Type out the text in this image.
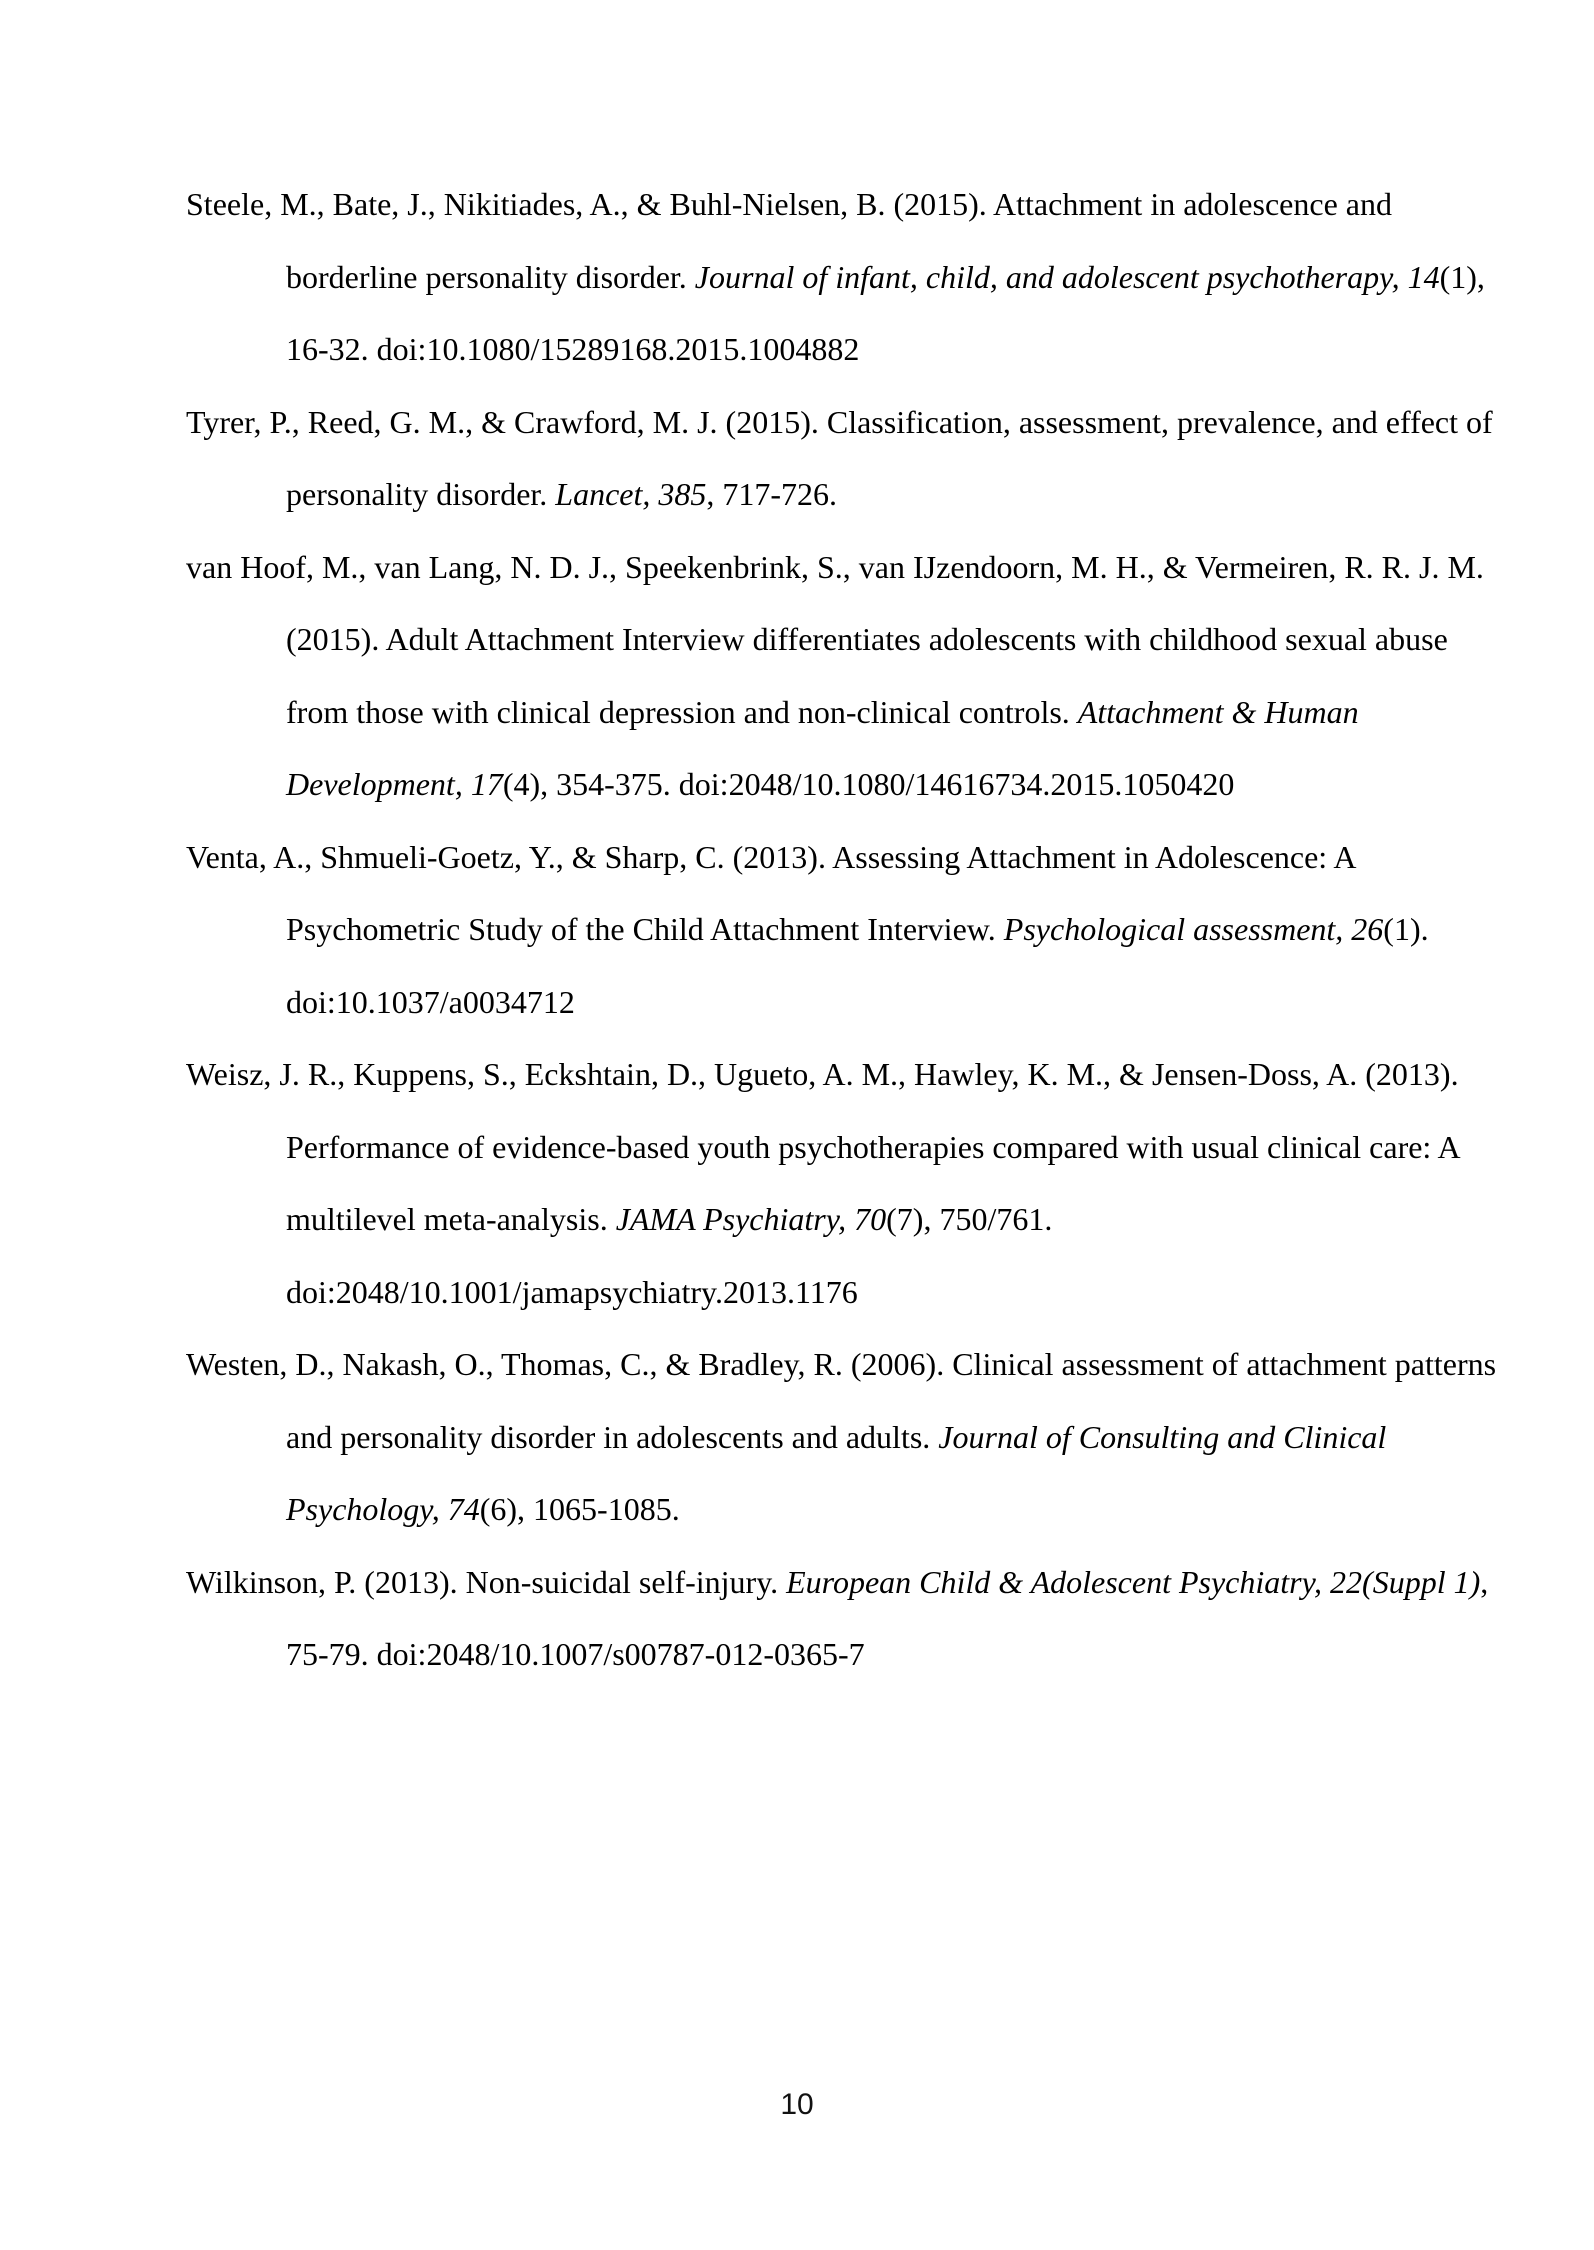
Steele, M., Bate, J., Nikitiades, A., & Buhl-Nielsen, B. (2015). Attachment in adolescence and
borderline personality disorder. Journal of infant, child, and adolescent psychotherapy, 14(1),
16-32. doi:10.1080/15289168.2015.1004882

Tyrer, P., Reed, G. M., & Crawford, M. J. (2015). Classification, assessment, prevalence, and effect of
personality disorder. Lancet, 385, 717-726.

van Hoof, M., van Lang, N. D. J., Speekenbrink, S., van IJzendoorn, M. H., & Vermeiren, R. R. J. M.
(2015). Adult Attachment Interview differentiates adolescents with childhood sexual abuse
from those with clinical depression and non-clinical controls. Attachment & Human
Development, 17(4), 354-375. doi:2048/10.1080/14616734.2015.1050420

Venta, A., Shmueli-Goetz, Y., & Sharp, C. (2013). Assessing Attachment in Adolescence: A
Psychometric Study of the Child Attachment Interview. Psychological assessment, 26(1).
doi:10.1037/a0034712

Weisz, J. R., Kuppens, S., Eckshtain, D., Ugueto, A. M., Hawley, K. M., & Jensen-Doss, A. (2013).
Performance of evidence-based youth psychotherapies compared with usual clinical care: A
multilevel meta-analysis. JAMA Psychiatry, 70(7), 750/761.
doi:2048/10.1001/jamapsychiatry.2013.1176

Westen, D., Nakash, O., Thomas, C., & Bradley, R. (2006). Clinical assessment of attachment patterns
and personality disorder in adolescents and adults. Journal of Consulting and Clinical
Psychology, 74(6), 1065-1085.

Wilkinson, P. (2013). Non-suicidal self-injury. European Child & Adolescent Psychiatry, 22(Suppl 1),
75-79. doi:2048/10.1007/s00787-012-0365-7

10
